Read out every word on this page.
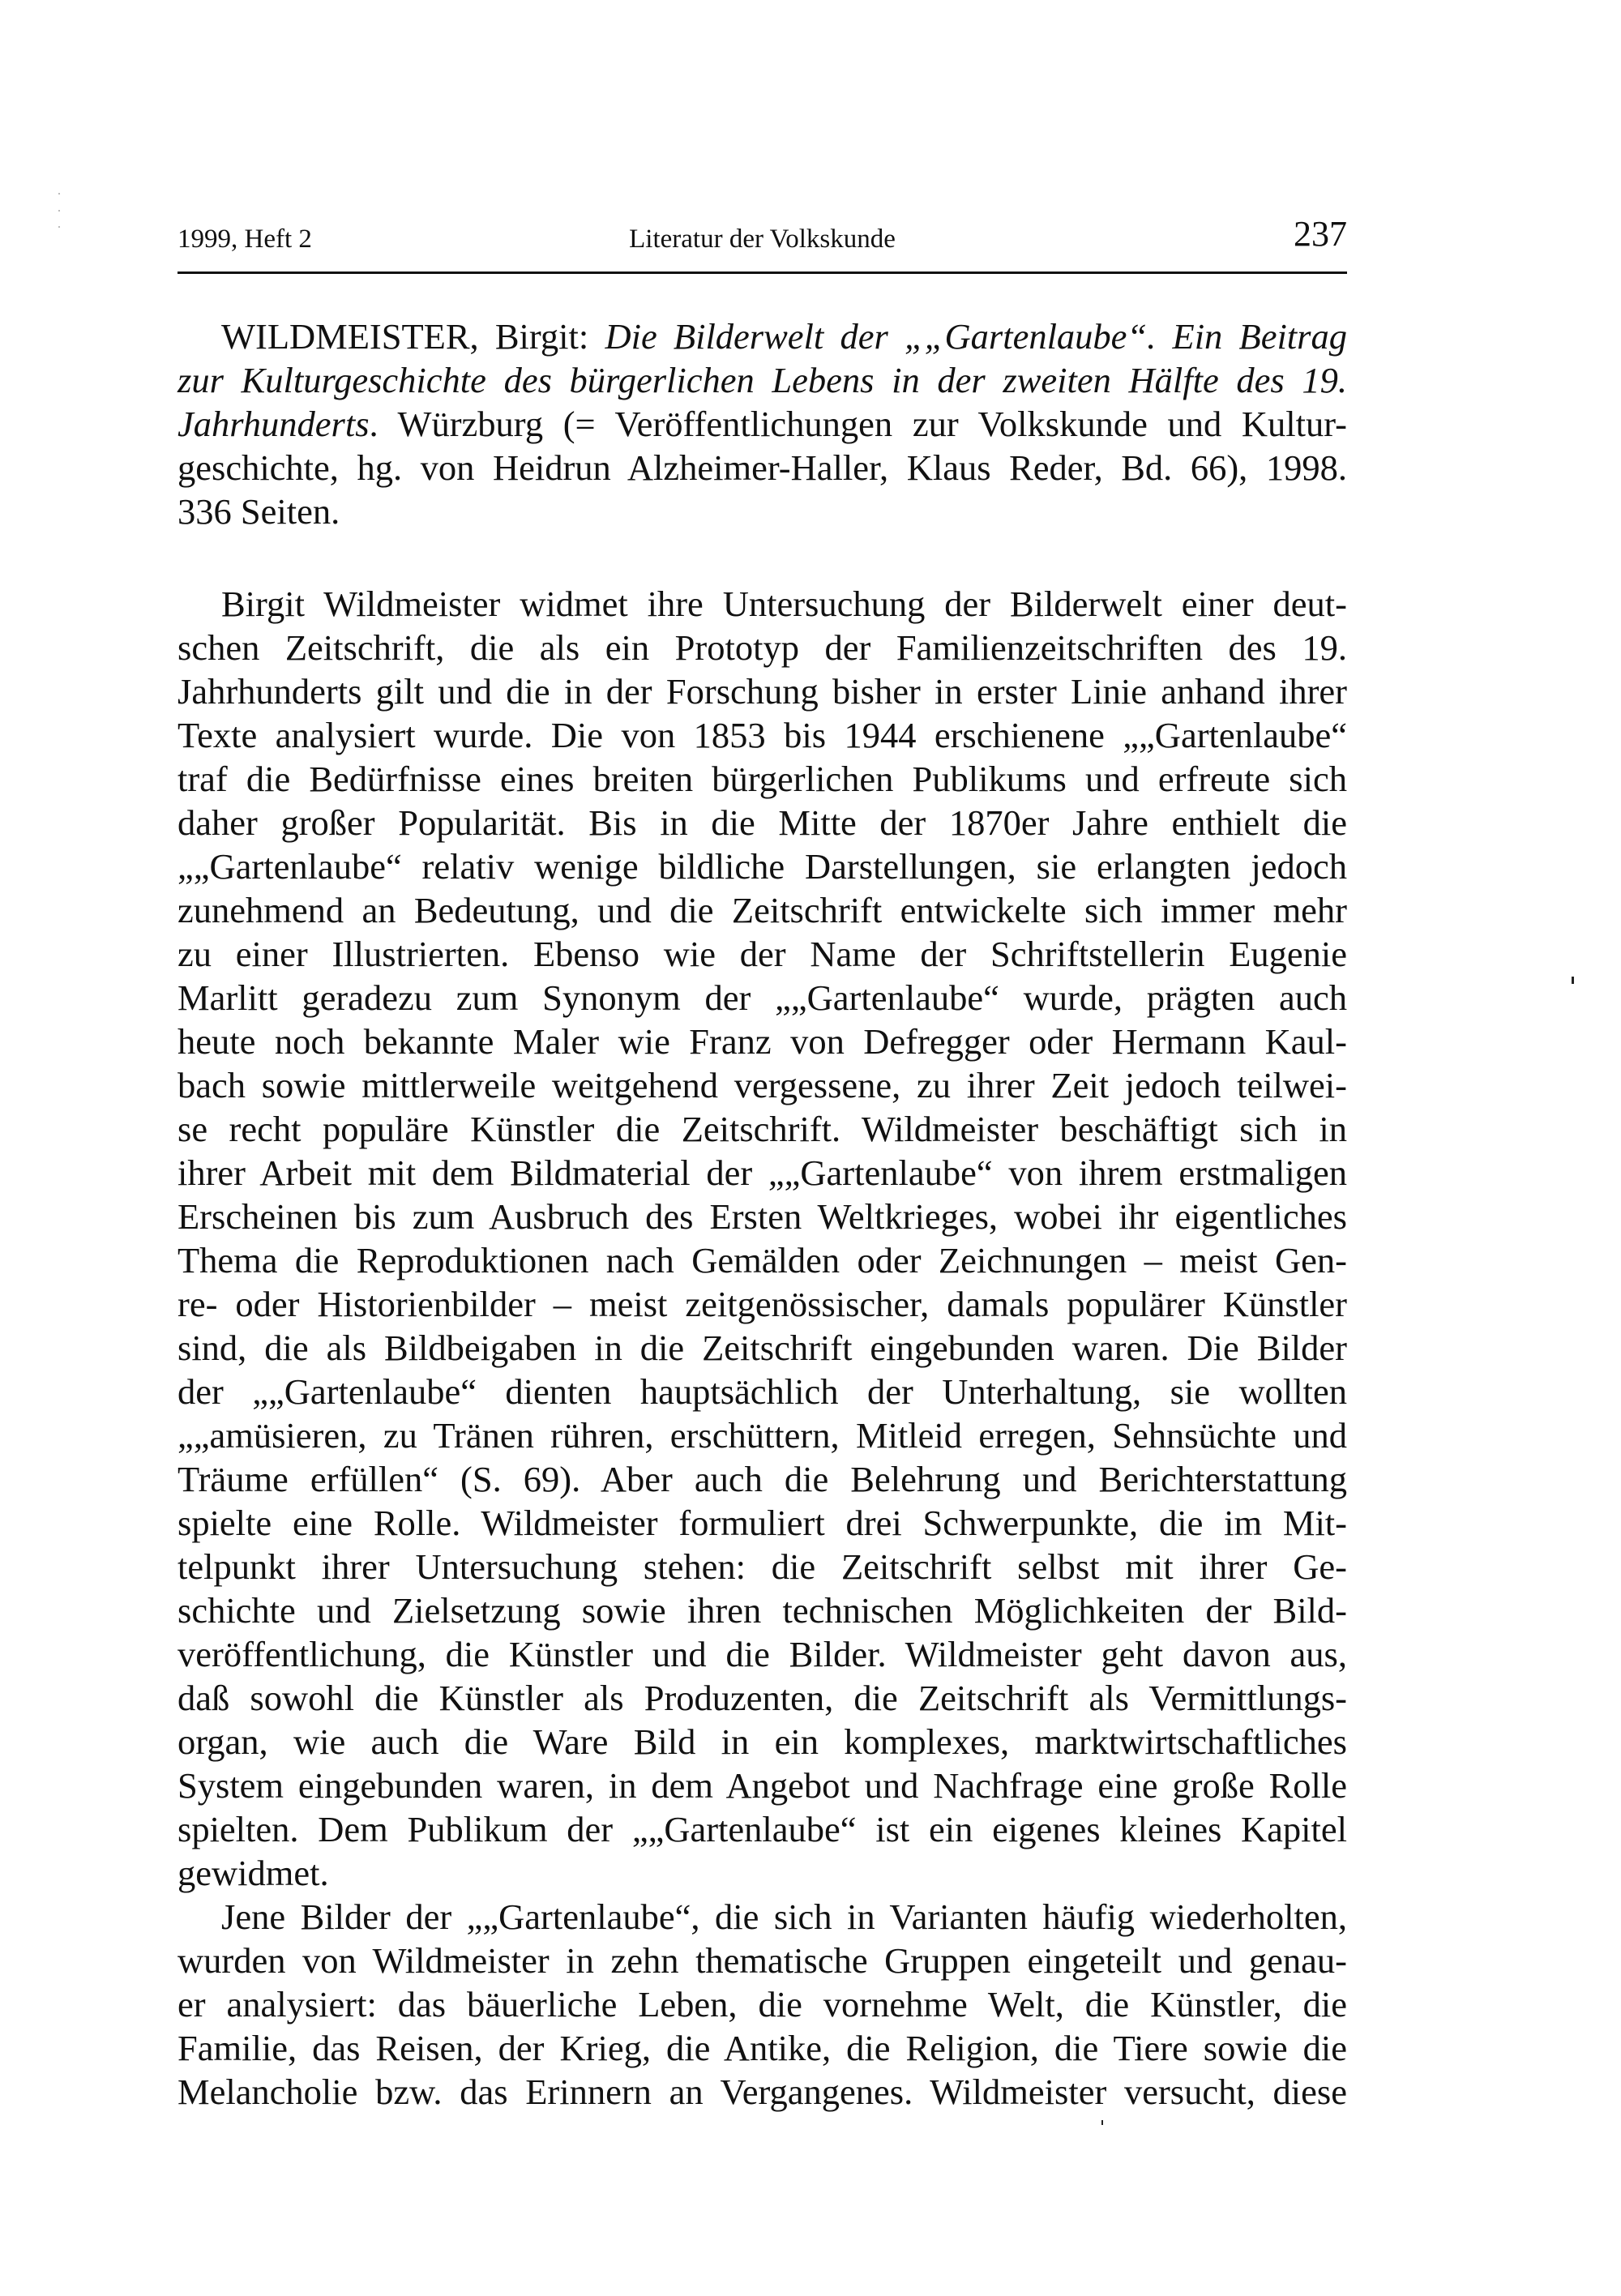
1999, Heft 2	Literatur der Volkskunde	237
WILDMEISTER, Birgit: Die Bilderwelt der „„Gartenlaube“. Ein Beitrag
zur Kulturgeschichte des bürgerlichen Lebens in der zweiten Hälfte des 19.
Jahrhunderts. Würzburg (= Veröffentlichungen zur Volkskunde und Kultur-
geschichte, hg. von Heidrun Alzheimer-Haller, Klaus Reder, Bd. 66), 1998.
336 Seiten.
Birgit Wildmeister widmet ihre Untersuchung der Bilderwelt einer deut-
schen Zeitschrift, die als ein Prototyp der Familienzeitschriften des 19.
Jahrhunderts gilt und die in der Forschung bisher in erster Linie anhand ihrer
Texte analysiert wurde. Die von 1853 bis 1944 erschienene „„Gartenlaube“
traf die Bedürfnisse eines breiten bürgerlichen Publikums und erfreute sich
daher großer Popularität. Bis in die Mitte der 1870er Jahre enthielt die
„„Gartenlaube“ relativ wenige bildliche Darstellungen, sie erlangten jedoch
zunehmend an Bedeutung, und die Zeitschrift entwickelte sich immer mehr
zu einer Illustrierten. Ebenso wie der Name der Schriftstellerin Eugenie
Marlitt geradezu zum Synonym der „„Gartenlaube“ wurde, prägten auch
heute noch bekannte Maler wie Franz von Defregger oder Hermann Kaul-
bach sowie mittlerweile weitgehend vergessene, zu ihrer Zeit jedoch teilwei-
se recht populäre Künstler die Zeitschrift. Wildmeister beschäftigt sich in
ihrer Arbeit mit dem Bildmaterial der „„Gartenlaube“ von ihrem erstmaligen
Erscheinen bis zum Ausbruch des Ersten Weltkrieges, wobei ihr eigentliches
Thema die Reproduktionen nach Gemälden oder Zeichnungen – meist Gen-
re- oder Historienbilder – meist zeitgenössischer, damals populärer Künstler
sind, die als Bildbeigaben in die Zeitschrift eingebunden waren. Die Bilder
der „„Gartenlaube“ dienten hauptsächlich der Unterhaltung, sie wollten
„„amüsieren, zu Tränen rühren, erschüttern, Mitleid erregen, Sehnsüchte und
Träume erfüllen“ (S. 69). Aber auch die Belehrung und Berichterstattung
spielte eine Rolle. Wildmeister formuliert drei Schwerpunkte, die im Mit-
telpunkt ihrer Untersuchung stehen: die Zeitschrift selbst mit ihrer Ge-
schichte und Zielsetzung sowie ihren technischen Möglichkeiten der Bild-
veröffentlichung, die Künstler und die Bilder. Wildmeister geht davon aus,
daß sowohl die Künstler als Produzenten, die Zeitschrift als Vermittlungs-
organ, wie auch die Ware Bild in ein komplexes, marktwirtschaftliches
System eingebunden waren, in dem Angebot und Nachfrage eine große Rolle
spielten. Dem Publikum der „„Gartenlaube“ ist ein eigenes kleines Kapitel
gewidmet.
Jene Bilder der „„Gartenlaube“, die sich in Varianten häufig wiederholten,
wurden von Wildmeister in zehn thematische Gruppen eingeteilt und genau-
er analysiert: das bäuerliche Leben, die vornehme Welt, die Künstler, die
Familie, das Reisen, der Krieg, die Antike, die Religion, die Tiere sowie die
Melancholie bzw. das Erinnern an Vergangenes. Wildmeister versucht, diese
